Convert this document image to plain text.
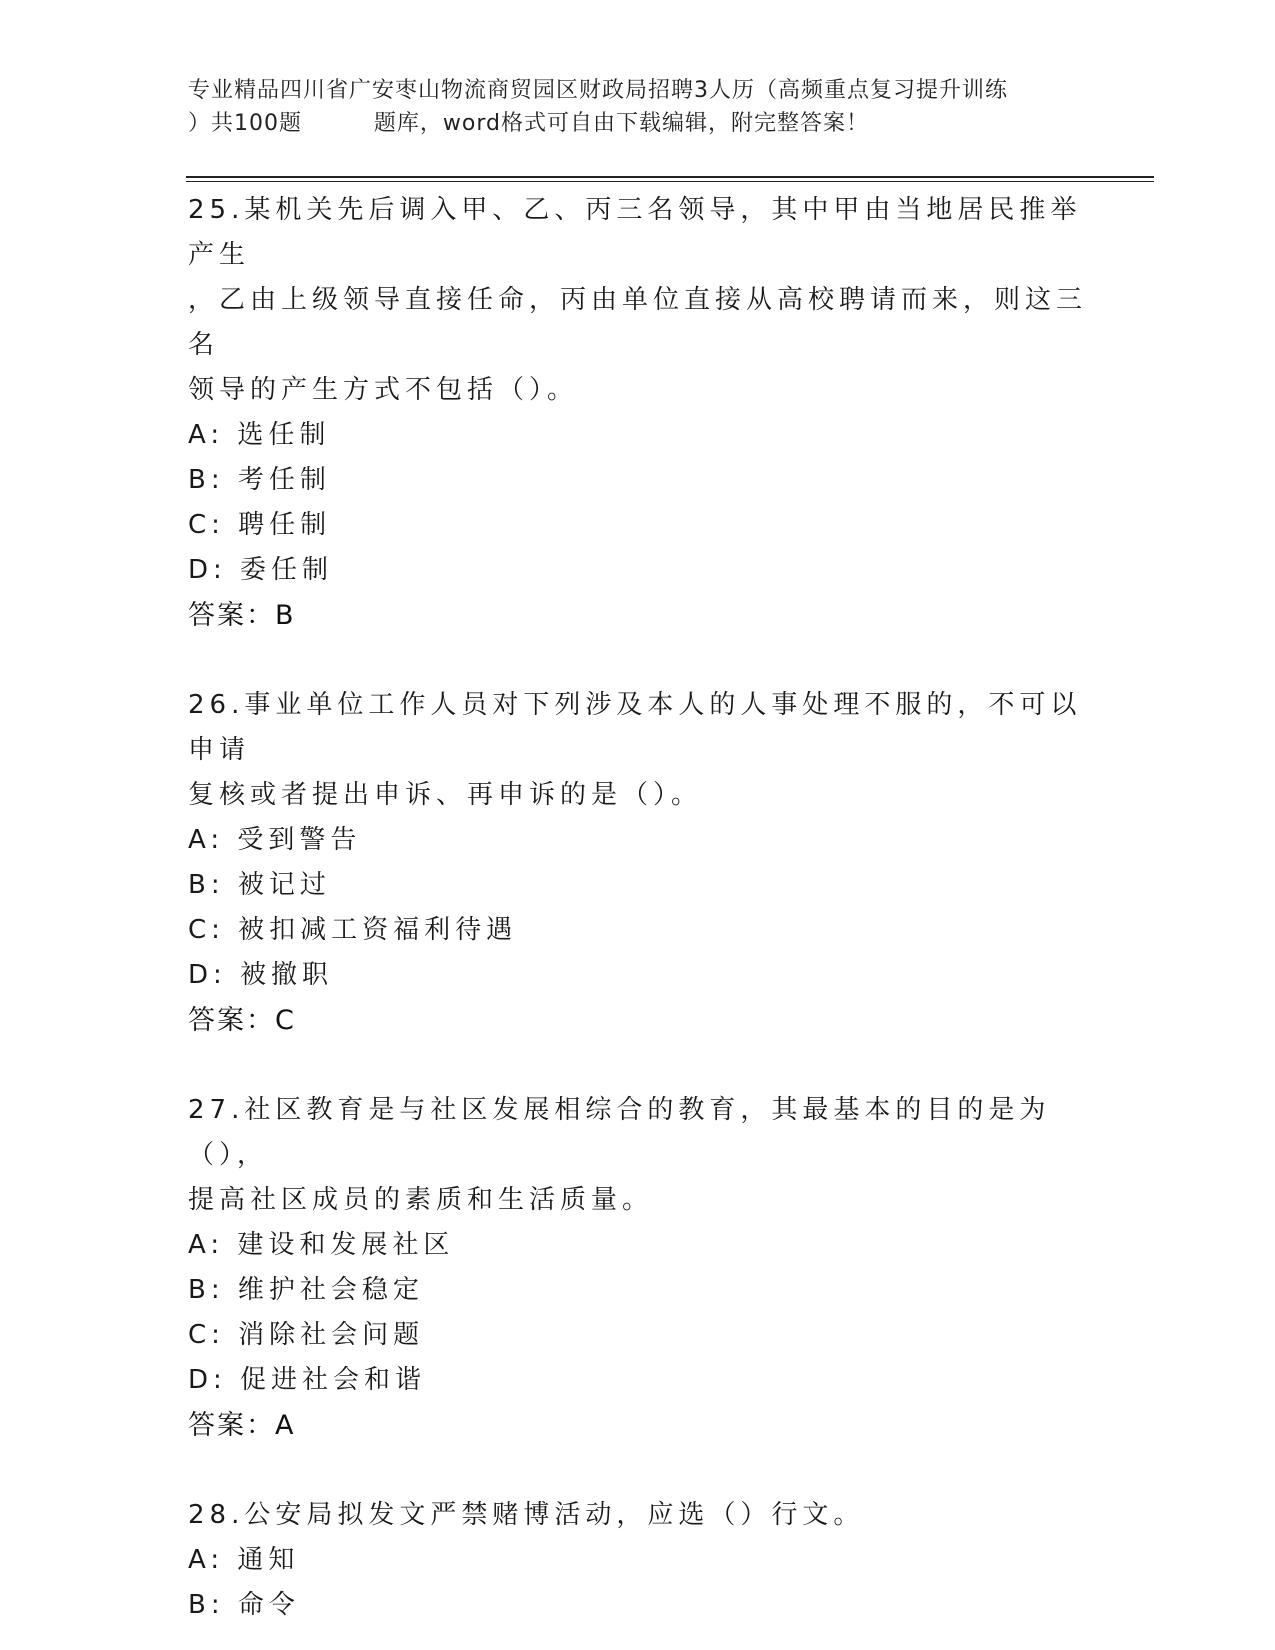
专业精品四川省广安枣山物流商贸园区财政局招聘3人历（高频重点复习提升训练
）共100题         题库，word格式可自由下载编辑，附完整答案！
25.某机关先后调入甲、乙、丙三名领导，其中甲由当地居民推举产生
，乙由上级领导直接任命，丙由单位直接从高校聘请而来，则这三名
领导的产生方式不包括（）。
A: 选任制
B: 考任制
C: 聘任制
D: 委任制
答案：B
26.事业单位工作人员对下列涉及本人的人事处理不服的，不可以申请
复核或者提出申诉、再申诉的是（）。
A: 受到警告
B: 被记过
C: 被扣减工资福利待遇
D: 被撤职
答案：C
27.社区教育是与社区发展相综合的教育，其最基本的目的是为（），
提高社区成员的素质和生活质量。
A: 建设和发展社区
B: 维护社会稳定
C: 消除社会问题
D: 促进社会和谐
答案：A
28.公安局拟发文严禁赌博活动，应选（）行文。
A: 通知
B: 命令
